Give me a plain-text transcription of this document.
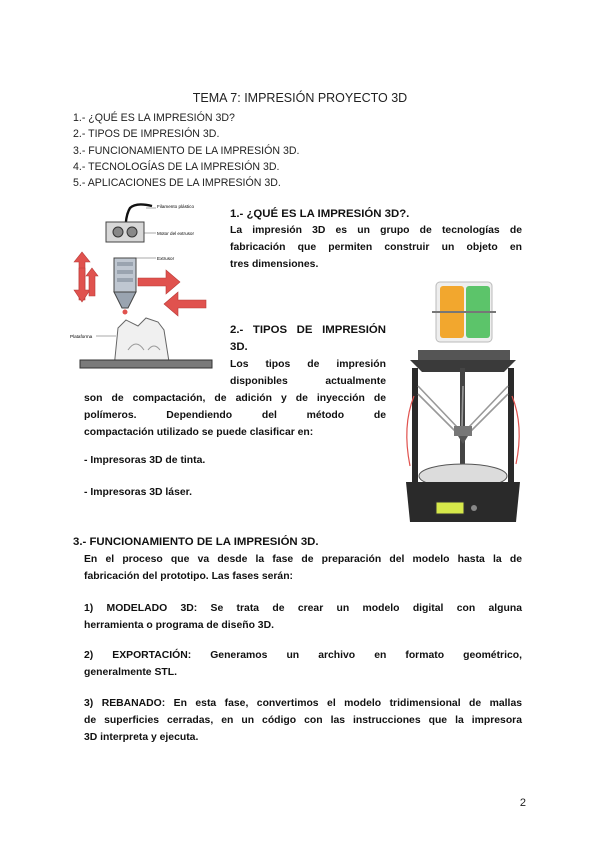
TEMA 7: IMPRESIÓN PROYECTO 3D
1.- ¿QUÉ ES LA IMPRESIÓN 3D?
2.- TIPOS DE IMPRESIÓN 3D.
3.- FUNCIONAMIENTO DE LA IMPRESIÓN 3D.
4.- TECNOLOGÍAS DE LA IMPRESIÓN 3D.
5.- APLICACIONES DE LA IMPRESIÓN 3D.
Filamento plástico
Motor del extrusor
Extrusor
Plataforma
1.- ¿QUÉ ES LA IMPRESIÓN 3D?.
La impresión 3D es un grupo de tecnologías de
fabricación que permiten construir un objeto en
tres dimensiones.
2.- TIPOS DE IMPRESIÓN
3D.
Los tipos de impresión
disponibles actualmente
son de compactación, de adición y de inyección de
polímeros. Dependiendo del método de
compactación utilizado se puede clasificar en:
- Impresoras 3D de tinta.
- Impresoras 3D láser.
3.- FUNCIONAMIENTO DE LA IMPRESIÓN 3D.
En el proceso que va desde la fase de preparación del modelo hasta la de
fabricación del prototipo. Las fases serán:
1) MODELADO 3D: Se trata de crear un modelo digital con alguna
herramienta o programa de diseño 3D.
2) EXPORTACIÓN: Generamos un archivo en formato geométrico,
generalmente STL.
3) REBANADO: En esta fase, convertimos el modelo tridimensional de mallas
de superficies cerradas, en un código con las instrucciones que la impresora
3D interpreta y ejecuta.
2
